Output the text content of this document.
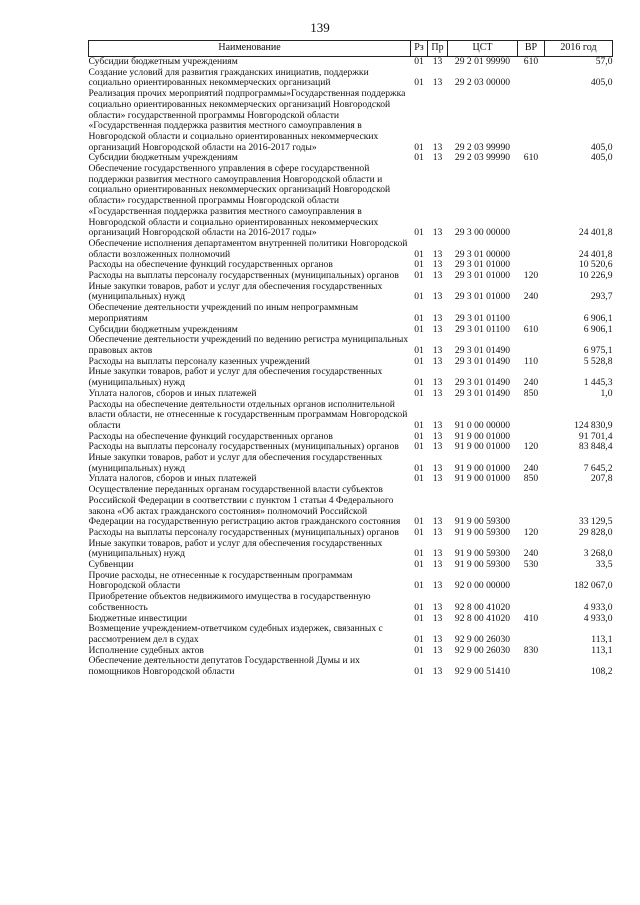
139
Наименование	Рз	Пр	ЦСТ	ВР	2016 год
Субсидии бюджетным учреждениям	01	13	29 2 01 99990	610	57,0
Создание условий для развития гражданских инициатив, поддержки социально ориентированных некоммерческих организаций	01	13	29 2 03 00000		405,0
Реализация прочих мероприятий подпрограммы»Государственная поддержка социально ориентированных некоммерческих организаций Новгородской области» государственной программы Новгородской области «Государственная поддержка развития местного самоуправления в Новгородской области и социально ориентированных некоммерческих организаций Новгородской области на 2016-2017 годы»	01	13	29 2 03 99990		405,0
Субсидии бюджетным учреждениям	01	13	29 2 03 99990	610	405,0
Обеспечение государственного управления в сфере государственной поддержки развития местного самоуправления Новгородской области и социально ориентированных некоммерческих организаций Новгородской области» государственной программы Новгородской области «Государственная поддержка развития местного самоуправления в Новгородской области и социально ориентированных некоммерческих организаций Новгородской области на 2016-2017 годы»	01	13	29 3 00 00000		24 401,8
Обеспечение исполнения департаментом внутренней политики Новгородской области возложенных полномочий	01	13	29 3 01 00000		24 401,8
Расходы на обеспечение функций государственных органов	01	13	29 3 01 01000		10 520,6
Расходы на выплаты персоналу государственных (муниципальных) органов	01	13	29 3 01 01000	120	10 226,9
Иные закупки товаров, работ и услуг для обеспечения государственных (муниципальных) нужд	01	13	29 3 01 01000	240	293,7
Обеспечение деятельности учреждений по иным непрограммным мероприятиям	01	13	29 3 01 01100		6 906,1
Субсидии бюджетным учреждениям	01	13	29 3 01 01100	610	6 906,1
Обеспечение деятельности учреждений по ведению регистра муниципальных правовых актов	01	13	29 3 01 01490		6 975,1
Расходы на выплаты персоналу казенных учреждений	01	13	29 3 01 01490	110	5 528,8
Иные закупки товаров, работ и услуг для обеспечения государственных (муниципальных) нужд	01	13	29 3 01 01490	240	1 445,3
Уплата налогов, сборов и иных платежей	01	13	29 3 01 01490	850	1,0
Расходы на обеспечение деятельности отдельных органов исполнительной власти области, не отнесенные к государственным программам Новгородской области	01	13	91 0 00 00000		124 830,9
Расходы на обеспечение функций государственных органов	01	13	91 9 00 01000		91 701,4
Расходы на выплаты персоналу государственных (муниципальных) органов	01	13	91 9 00 01000	120	83 848,4
Иные закупки товаров, работ и услуг для обеспечения государственных (муниципальных) нужд	01	13	91 9 00 01000	240	7 645,2
Уплата налогов, сборов и иных платежей	01	13	91 9 00 01000	850	207,8
Осуществление переданных органам государственной власти субъектов Российской Федерации в соответствии с пунктом 1 статьи 4 Федерального закона «Об актах гражданского состояния» полномочий Российской Федерации на государственную регистрацию актов гражданского состояния	01	13	91 9 00 59300		33 129,5
Расходы на выплаты персоналу государственных (муниципальных) органов	01	13	91 9 00 59300	120	29 828,0
Иные закупки товаров, работ и услуг для обеспечения государственных (муниципальных) нужд	01	13	91 9 00 59300	240	3 268,0
Субвенции	01	13	91 9 00 59300	530	33,5
Прочие расходы, не отнесенные к государственным программам Новгородской области	01	13	92 0 00 00000		182 067,0
Приобретение объектов недвижимого имущества в государственную собственность	01	13	92 8 00 41020		4 933,0
Бюджетные инвестиции	01	13	92 8 00 41020	410	4 933,0
Возмещение учреждением-ответчиком судебных издержек, связанных с рассмотрением дел в судах	01	13	92 9 00 26030		113,1
Исполнение судебных актов	01	13	92 9 00 26030	830	113,1
Обеспечение деятельности депутатов Государственной Думы и их помощников Новгородской области	01	13	92 9 00 51410		108,2
